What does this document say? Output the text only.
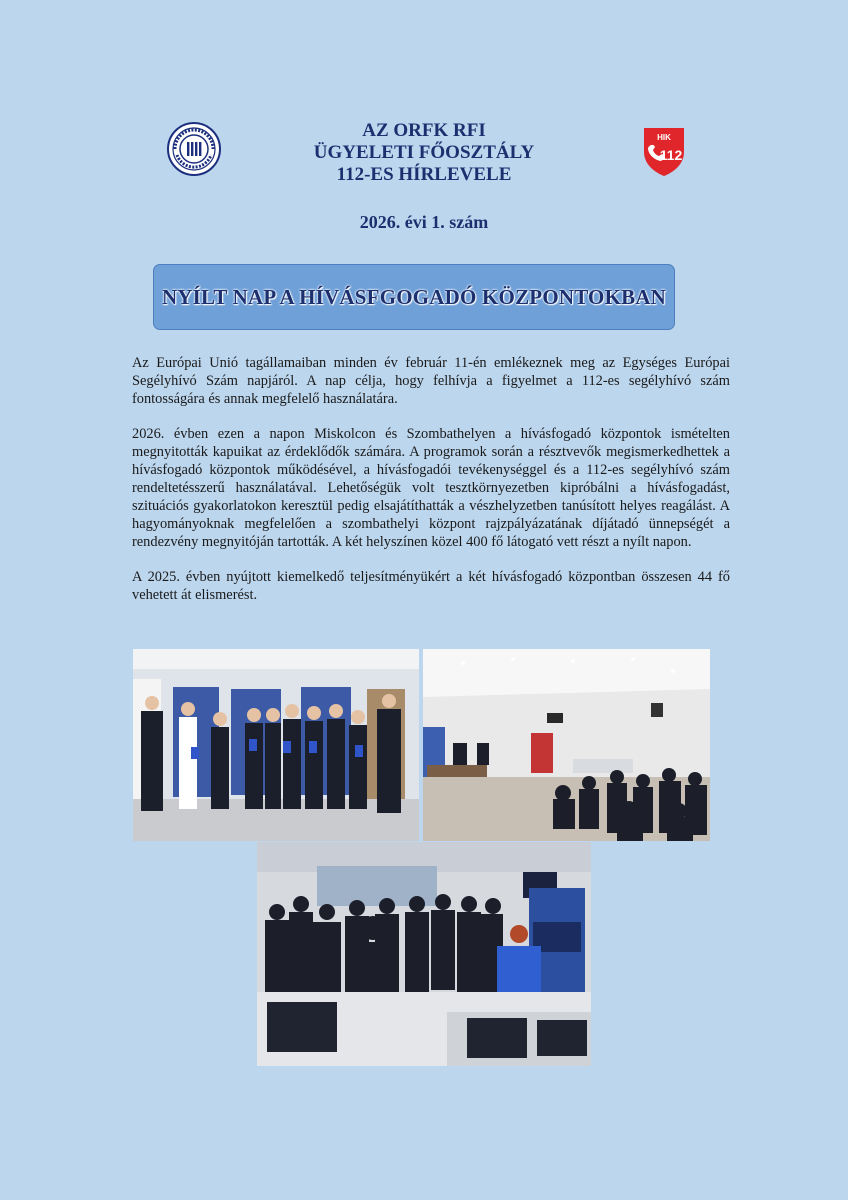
AZ ORFK RFI
ÜGYELETI FŐOSZTÁLY
112-ES HÍRLEVELE
HIK
112
2026. évi 1. szám
NYÍLT NAP A HÍVÁSFGOGADÓ KÖZPONTOKBAN

Az Európai Unió tagállamaiban minden év február 11-én emlékeznek meg az Egységes Európai Segélyhívó Szám napjáról. A nap célja, hogy felhívja a figyelmet a 112-es segélyhívó szám fontosságára és annak megfelelő használatára.

2026. évben ezen a napon Miskolcon és Szombathelyen a hívásfogadó központok ismételten megnyitották kapuikat az érdeklődők számára. A programok során a résztvevők megismerkedhettek a hívásfogadó központok működésével, a hívásfogadói tevékenységgel és a 112-es segélyhívó szám rendeltetésszerű használatával. Lehetőségük volt tesztkörnyezetben kipróbálni a hívásfogadást, szituációs gyakorlatokon keresztül pedig elsajátíthatták a vészhelyzetben tanúsított helyes reagálást. A hagyományoknak megfelelően a szombathelyi központ rajzpályázatának díjátadó ünnepségét a rendezvény megnyitóján tartották. A két helyszínen közel 400 fő látogató vett részt a nyílt napon.

A 2025. évben nyújtott kiemelkedő teljesítményükért a két hívásfogadó központban összesen 44 fő vehetett át elismerést.
